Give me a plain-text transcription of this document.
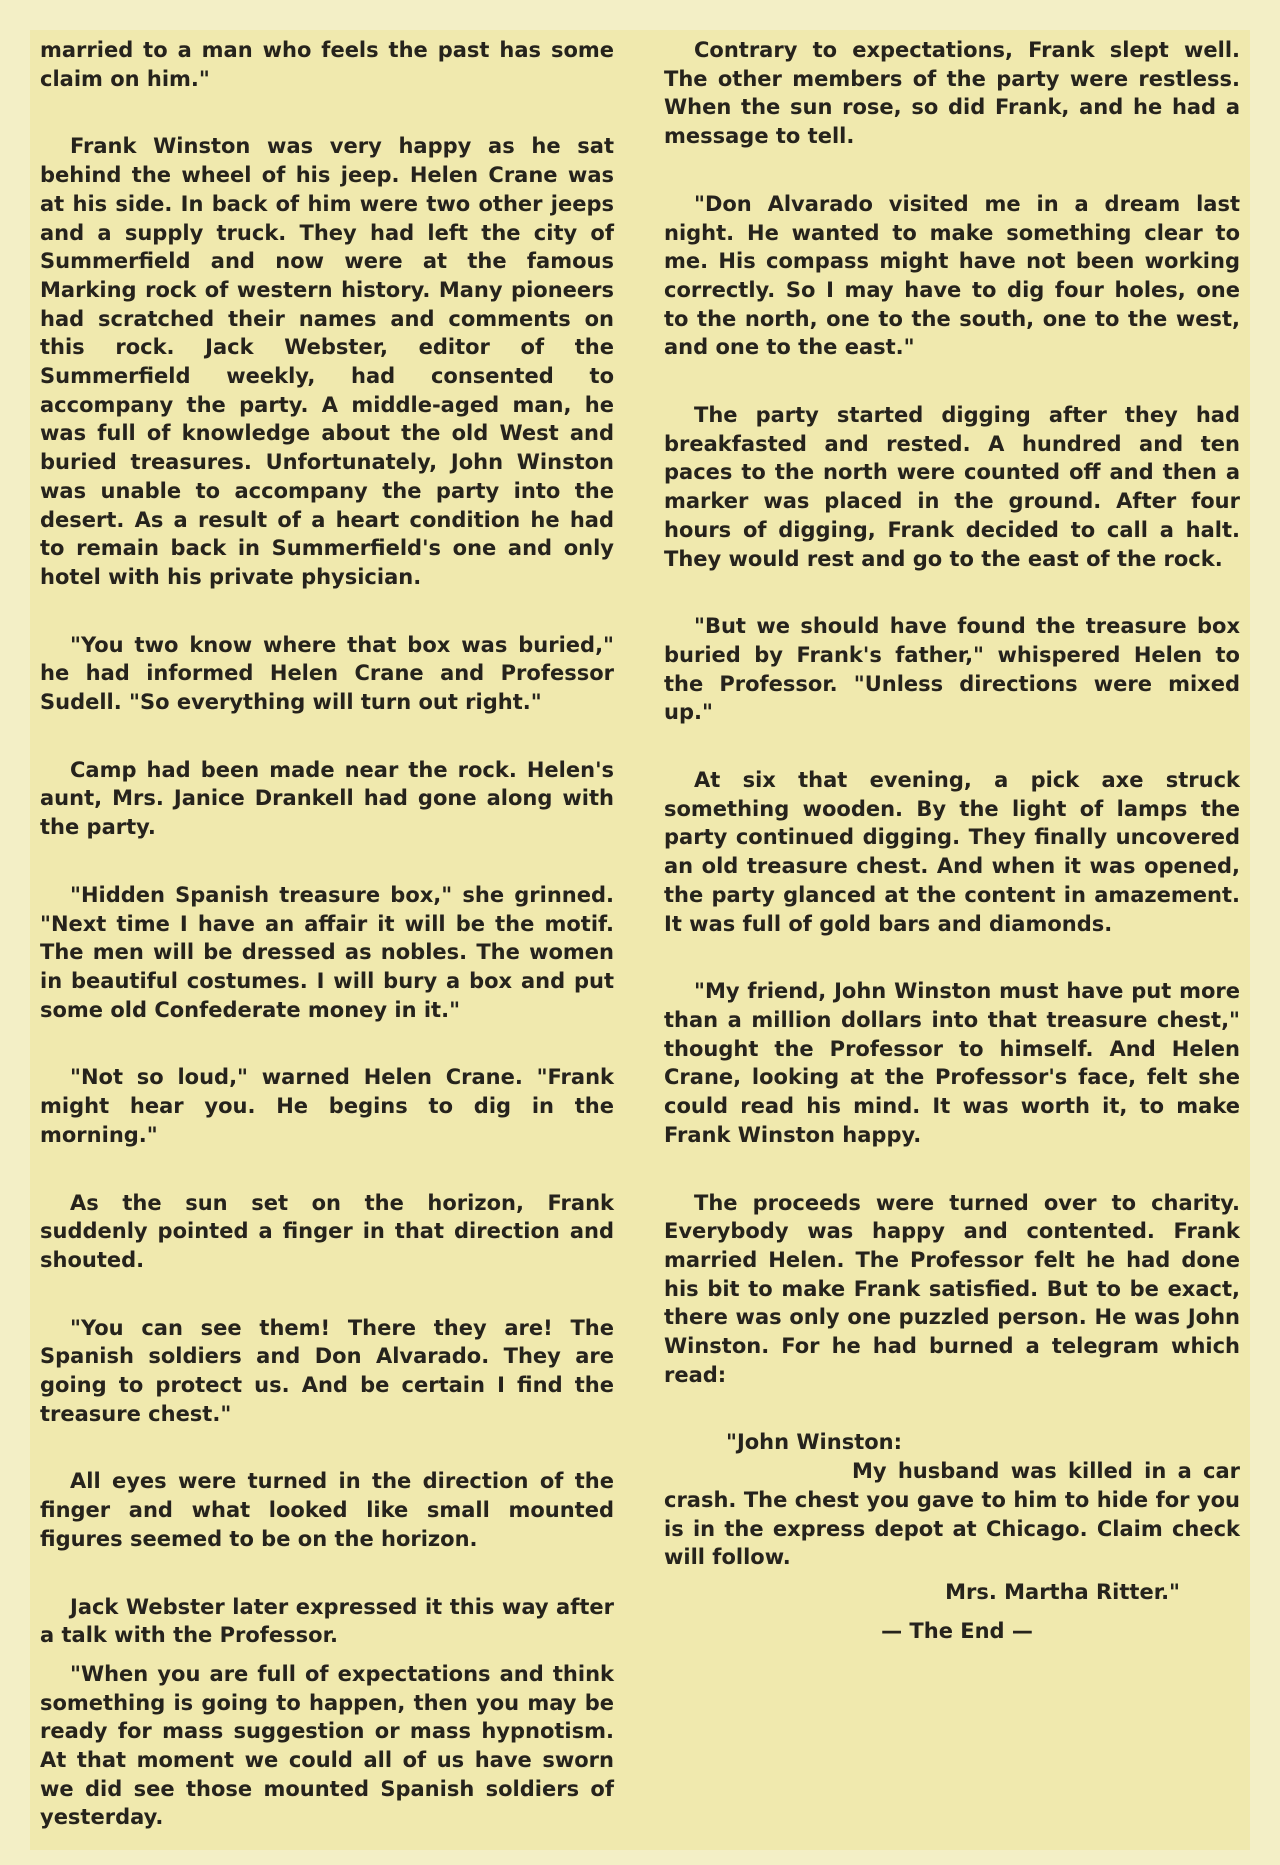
married to a man who feels the past has some claim on him."

Frank Winston was very happy as he sat behind the wheel of his jeep. Helen Crane was at his side. In back of him were two other jeeps and a supply truck. They had left the city of Summerfield and now were at the famous Marking rock of western history. Many pioneers had scratched their names and comments on this rock. Jack Webster, editor of the Summerfield weekly, had consented to accompany the party. A middle-aged man, he was full of knowledge about the old West and buried treasures. Unfortunately, John Winston was unable to accompany the party into the desert. As a result of a heart condition he had to remain back in Summerfield's one and only hotel with his private physician.

"You two know where that box was buried," he had informed Helen Crane and Professor Sudell. "So everything will turn out right."

Camp had been made near the rock. Helen's aunt, Mrs. Janice Drankell had gone along with the party.

"Hidden Spanish treasure box," she grinned. "Next time I have an affair it will be the motif. The men will be dressed as nobles. The women in beautiful costumes. I will bury a box and put some old Confederate money in it."

"Not so loud," warned Helen Crane. "Frank might hear you. He begins to dig in the morning."

As the sun set on the horizon, Frank suddenly pointed a finger in that direction and shouted.

"You can see them! There they are! The Spanish soldiers and Don Alvarado. They are going to protect us. And be certain I find the treasure chest."

All eyes were turned in the direction of the finger and what looked like small mounted figures seemed to be on the horizon.

Jack Webster later expressed it this way after a talk with the Professor.

"When you are full of expectations and think something is going to happen, then you may be ready for mass suggestion or mass hypnotism. At that moment we could all of us have sworn we did see those mounted Spanish soldiers of yesterday.

Contrary to expectations, Frank slept well. The other members of the party were restless. When the sun rose, so did Frank, and he had a message to tell.

"Don Alvarado visited me in a dream last night. He wanted to make something clear to me. His compass might have not been working correctly. So I may have to dig four holes, one to the north, one to the south, one to the west, and one to the east."

The party started digging after they had breakfasted and rested. A hundred and ten paces to the north were counted off and then a marker was placed in the ground. After four hours of digging, Frank decided to call a halt. They would rest and go to the east of the rock.

"But we should have found the treasure box buried by Frank's father," whispered Helen to the Professor. "Unless directions were mixed up."

At six that evening, a pick axe struck something wooden. By the light of lamps the party continued digging. They finally uncovered an old treasure chest. And when it was opened, the party glanced at the content in amazement. It was full of gold bars and diamonds.

"My friend, John Winston must have put more than a million dollars into that treasure chest," thought the Professor to himself. And Helen Crane, looking at the Professor's face, felt she could read his mind. It was worth it, to make Frank Winston happy.

The proceeds were turned over to charity. Everybody was happy and contented. Frank married Helen. The Professor felt he had done his bit to make Frank satisfied. But to be exact, there was only one puzzled person. He was John Winston. For he had burned a telegram which read:

"John Winston:

My husband was killed in a car crash. The chest you gave to him to hide for you is in the express depot at Chicago. Claim check will follow.

Mrs. Martha Ritter."
— The End —
